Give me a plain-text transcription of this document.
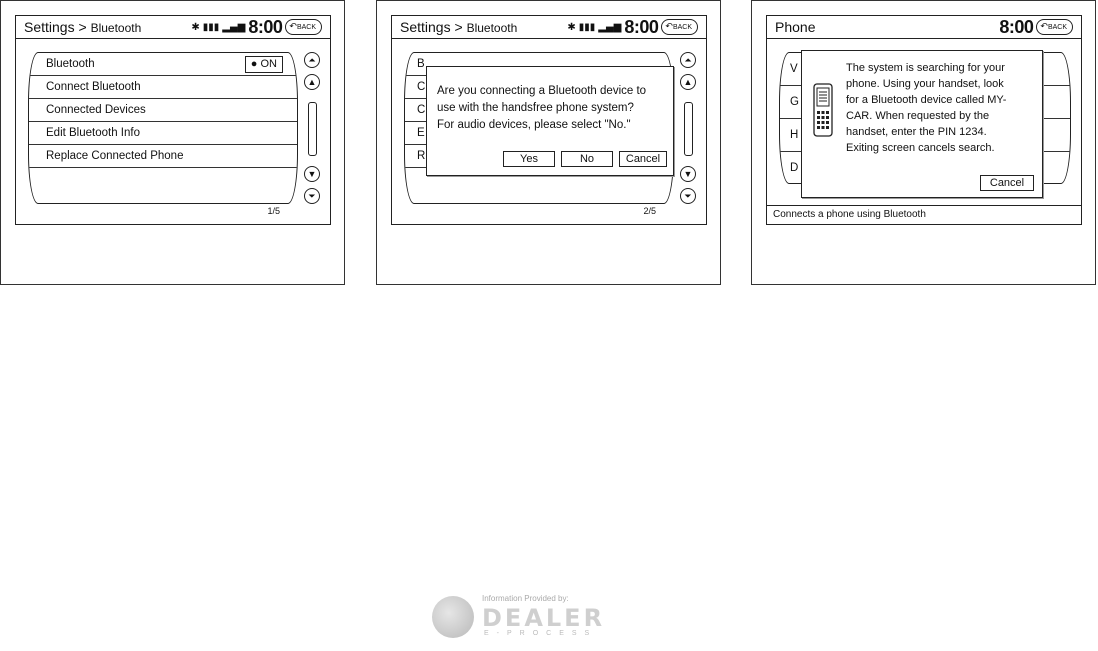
Settings > Bluetooth	✱ ▮▮▮ ▂▄▆ 8:00 ↶BACK
Bluetooth	● ON
Connect Bluetooth
Connected Devices
Edit Bluetooth Info
Replace Connected Phone
⏶
▲
▼
⏷
1/5
Settings > Bluetooth	✱ ▮▮▮ ▂▄▆ 8:00 ↶BACK
B
C
C
E
R
⏶
▲
▼
⏷
2/5
Are you connecting a Bluetooth device to
use with the handsfree phone system?
For audio devices, please select "No."
Yes	No	Cancel
Phone	8:00 ↶BACK
V
G
H
D
The system is searching for your
phone. Using your handset, look
for a Bluetooth device called MY-
CAR. When requested by the
handset, enter the PIN 1234.
Exiting screen cancels search.
Cancel
Connects a phone using Bluetooth
Information Provided by:
DEALER
E-PROCESS
